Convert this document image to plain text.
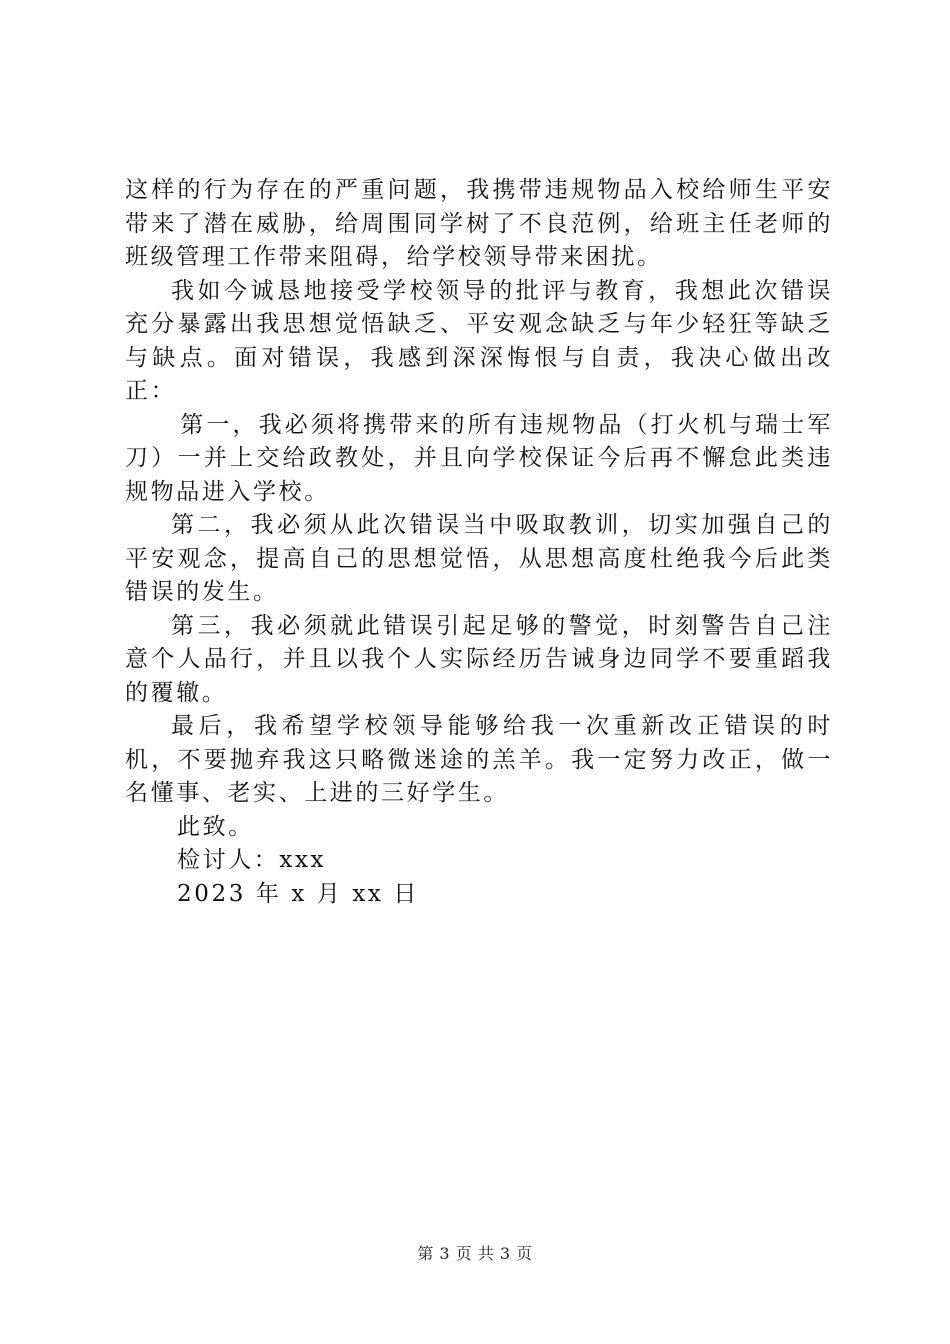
这样的行为存在的严重问题，我携带违规物品入校给师生平安带来了潜在威胁，给周围同学树了不良范例，给班主任老师的班级管理工作带来阻碍，给学校领导带来困扰。

我如今诚恳地接受学校领导的批评与教育，我想此次错误充分暴露出我思想觉悟缺乏、平安观念缺乏与年少轻狂等缺乏与缺点。面对错误，我感到深深悔恨与自责，我决心做出改正：

第一，我必须将携带来的所有违规物品（打火机与瑞士军刀）一并上交给政教处，并且向学校保证今后再不懈怠此类违规物品进入学校。

第二，我必须从此次错误当中吸取教训，切实加强自己的平安观念，提高自己的思想觉悟，从思想高度杜绝我今后此类错误的发生。

第三，我必须就此错误引起足够的警觉，时刻警告自己注意个人品行，并且以我个人实际经历告诫身边同学不要重蹈我的覆辙。

最后，我希望学校领导能够给我一次重新改正错误的时机，不要抛弃我这只略微迷途的羔羊。我一定努力改正，做一名懂事、老实、上进的三好学生。

此致。

检讨人：xxx

2023 年 x 月 xx 日

第 3 页 共 3 页
